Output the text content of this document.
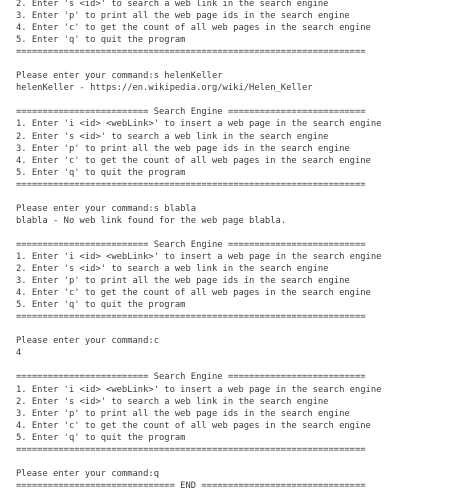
2. Enter 's <id>' to search a web link in the search engine
3. Enter 'p' to print all the web page ids in the search engine
4. Enter 'c' to get the count of all web pages in the search engine
5. Enter 'q' to quit the program
==================================================================
Please enter your command:s helenKeller
helenKeller - https://en.wikipedia.org/wiki/Helen_Keller
========================= Search Engine ==========================
1. Enter 'i <id> <webLink>' to insert a web page in the search engine
2. Enter 's <id>' to search a web link in the search engine
3. Enter 'p' to print all the web page ids in the search engine
4. Enter 'c' to get the count of all web pages in the search engine
5. Enter 'q' to quit the program
==================================================================
Please enter your command:s blabla
blabla - No web link found for the web page blabla.
========================= Search Engine ==========================
1. Enter 'i <id> <webLink>' to insert a web page in the search engine
2. Enter 's <id>' to search a web link in the search engine
3. Enter 'p' to print all the web page ids in the search engine
4. Enter 'c' to get the count of all web pages in the search engine
5. Enter 'q' to quit the program
==================================================================
Please enter your command:c
4
========================= Search Engine ==========================
1. Enter 'i <id> <webLink>' to insert a web page in the search engine
2. Enter 's <id>' to search a web link in the search engine
3. Enter 'p' to print all the web page ids in the search engine
4. Enter 'c' to get the count of all web pages in the search engine
5. Enter 'q' to quit the program
==================================================================
Please enter your command:q
============================== END ===============================
